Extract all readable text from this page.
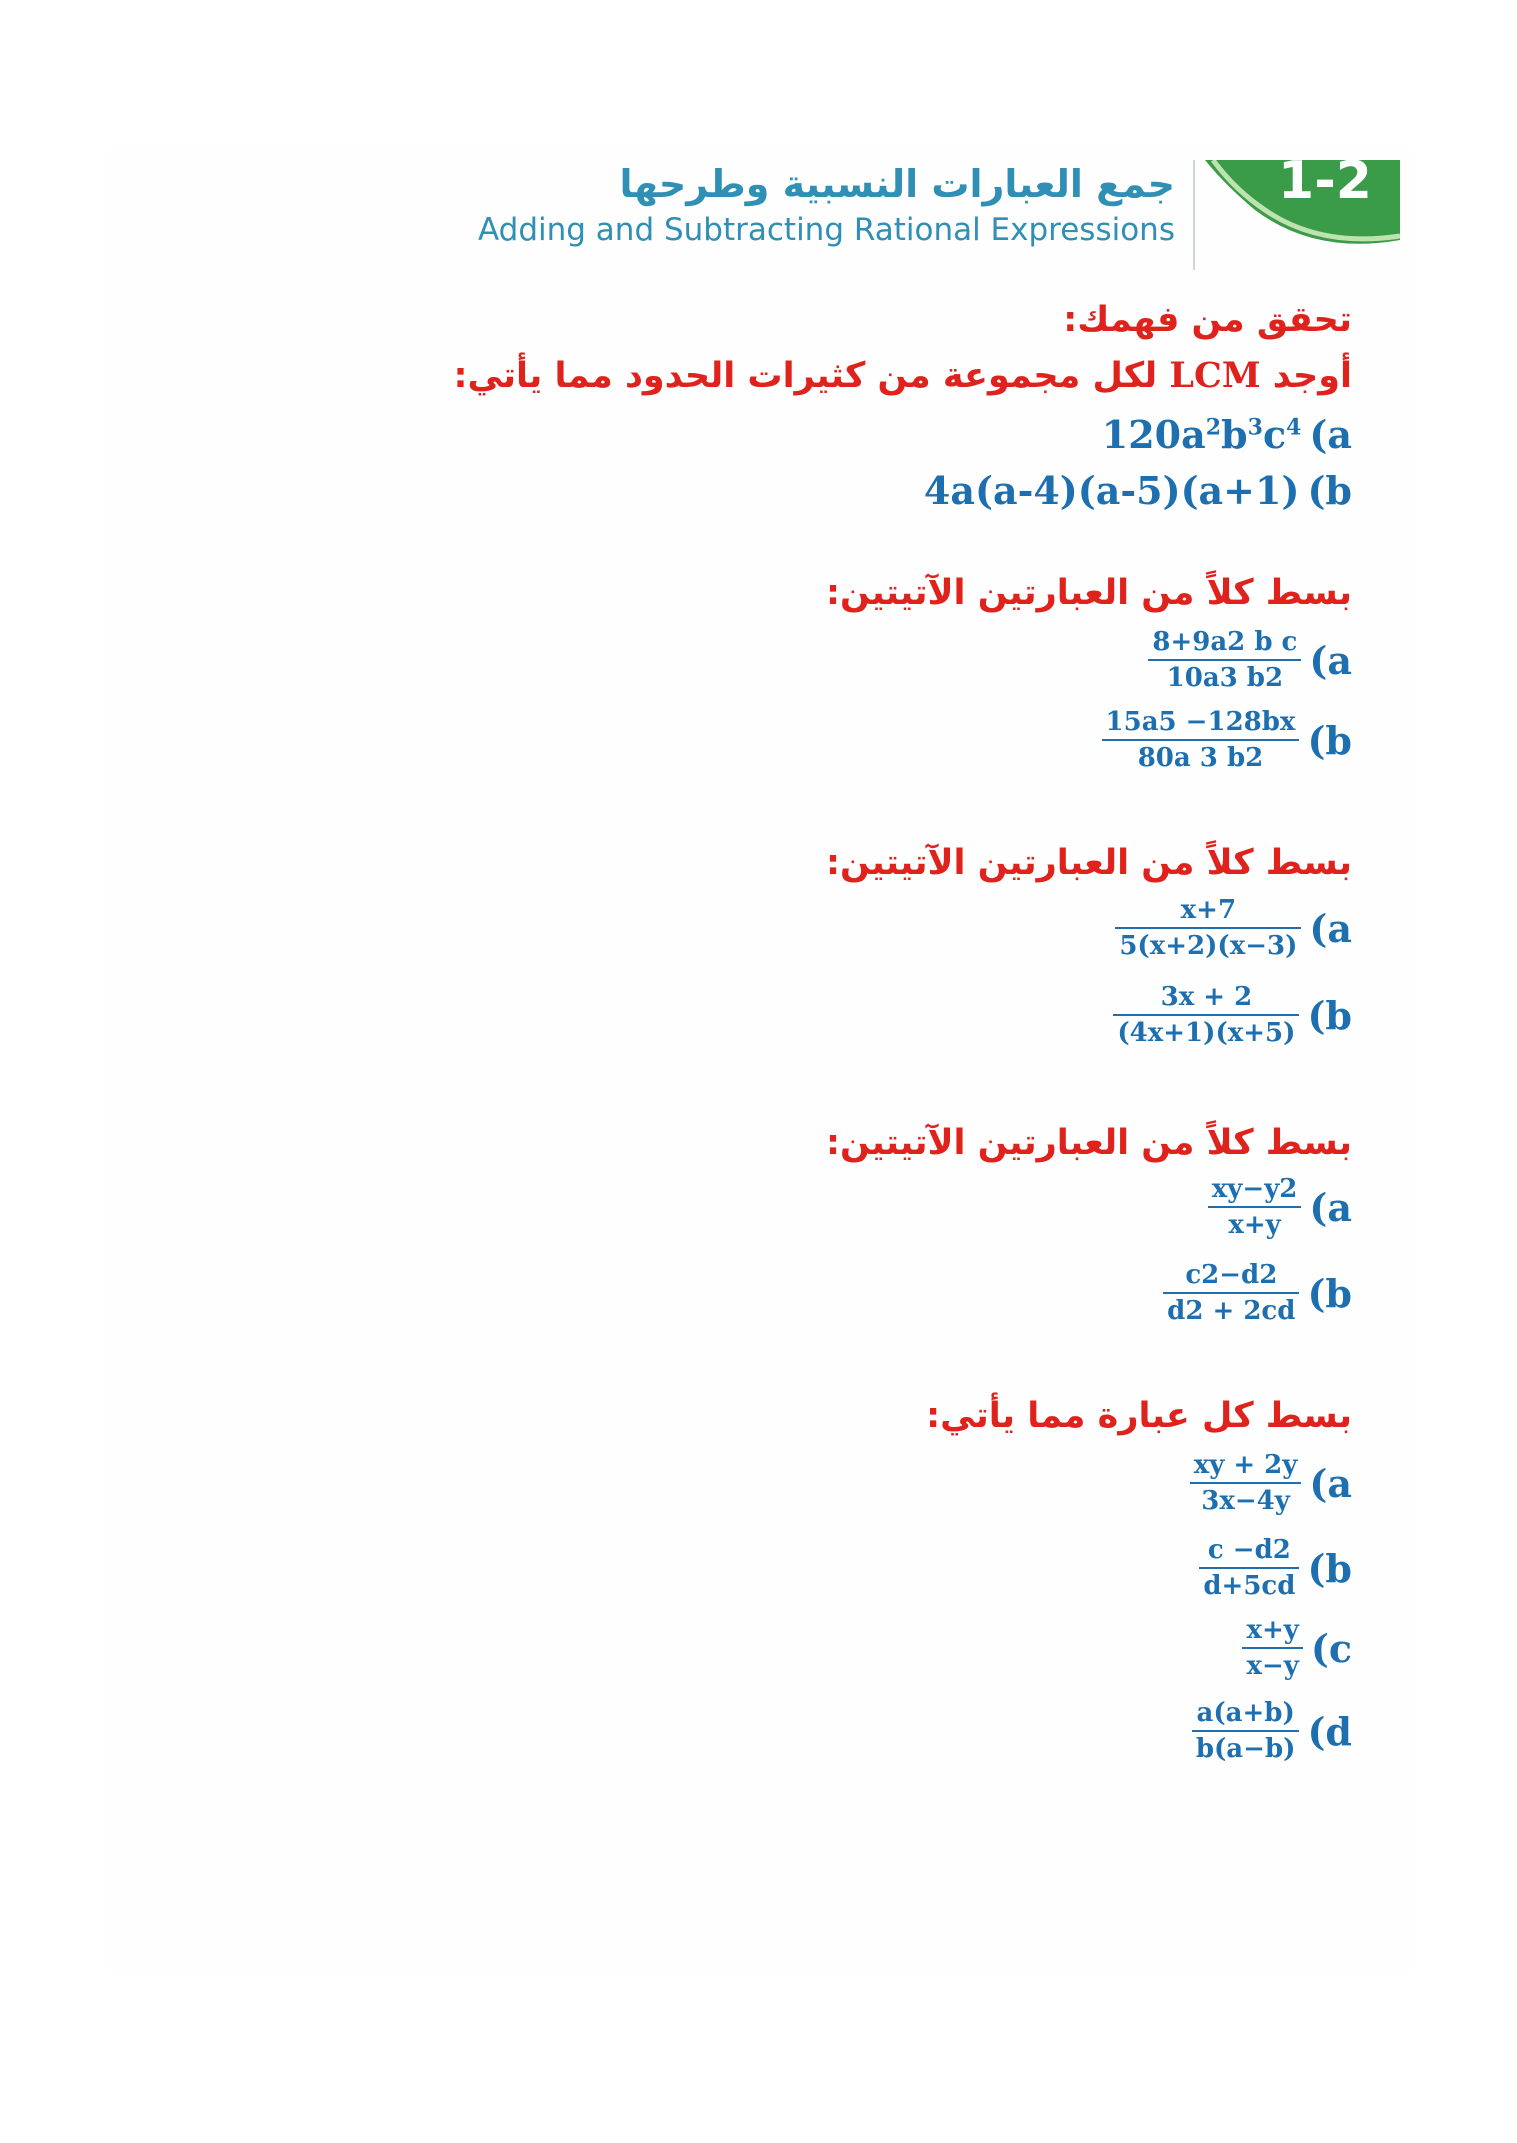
جمع العبارات النسبية وطرحها
Adding and Subtracting Rational Expressions
1-2
تحقق من فهمك:
أوجد LCM لكل مجموعة من كثيرات الحدود مما يأتي:
(a
$120a^2b^3c^4$
(b
4a(a-4)(a-5)(a+1)
بسط كلاً من العبارتين الآتيتين:
(a
$\frac{\text{8+9a2 b c}}{10a3 b2}$
(b
$\frac{15a5 -128bx}{80a 3 b2}$
بسط كلاً من العبارتين الآتيتين:
(a
$\frac{x+7}{5(x+2)(x-3)}$
(b
$\frac{3x + 2}{(4x+1)(x+5)}$
بسط كلاً من العبارتين الآتيتين:
(a
$\frac{xy-y2}{x+y}$
(b
$\frac{c2-d2}{d2 + 2cd}$
بسط كل عبارة مما يأتي:
(a
$\frac{xy + 2y}{3x-4y}$
(b
$\frac{c -d2}{d+5cd}$
(c
$\frac{x+y}{x-y}$
(d
$\frac{a(a+b)}{b(a-b)}$
